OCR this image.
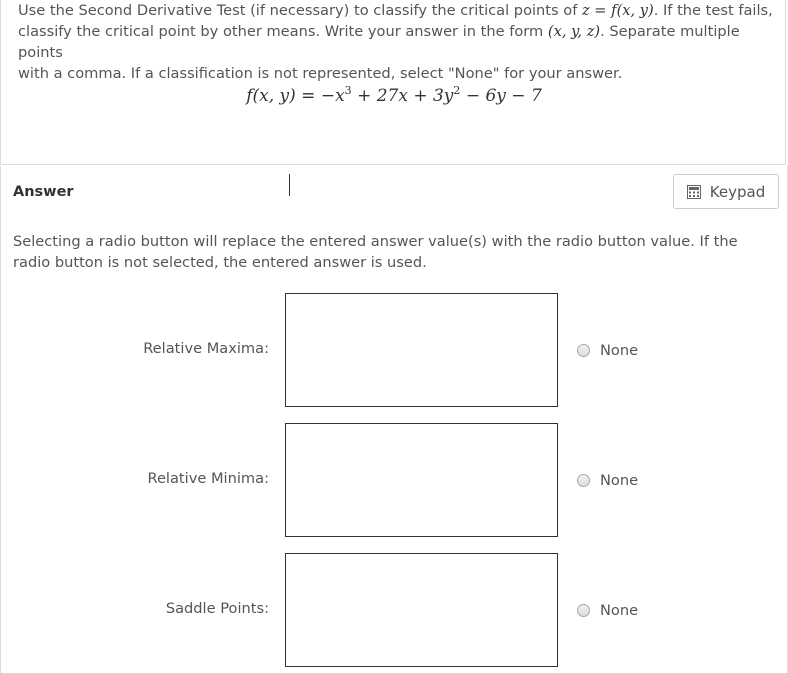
Use the Second Derivative Test (if necessary) to classify the critical points of z = f(x, y). If the test fails,
classify the critical point by other means. Write your answer in the form (x, y, z). Separate multiple points
with a comma. If a classification is not represented, select "None" for your answer.
f(x, $y) = -x^3 + 27x + 3y^2 - 6y - 7$
Answer	Keypad
Selecting a radio button will replace the entered answer value(s) with the radio button value. If the radio button is not selected, the entered answer is used.
Relative Maxima:	None
Relative Minima:	None
Saddle Points:	None
